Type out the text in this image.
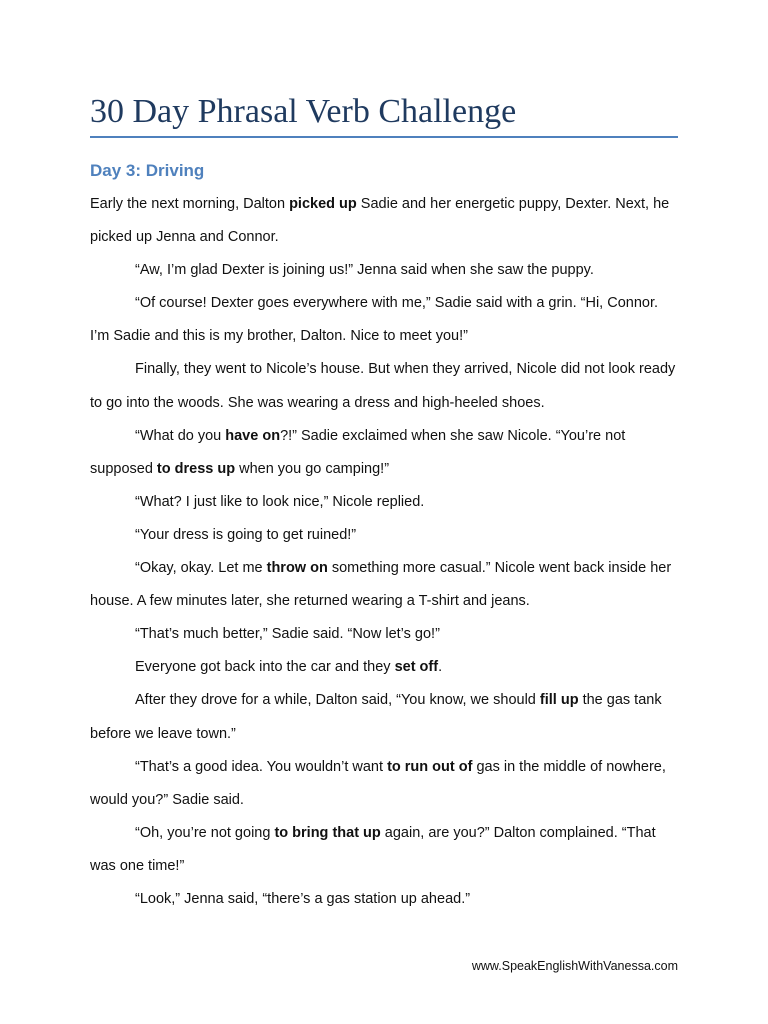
30 Day Phrasal Verb Challenge
Day 3: Driving

Early the next morning, Dalton picked up Sadie and her energetic puppy, Dexter. Next, he picked up Jenna and Connor.

“Aw, I’m glad Dexter is joining us!” Jenna said when she saw the puppy.

“Of course! Dexter goes everywhere with me,” Sadie said with a grin. “Hi, Connor. I’m Sadie and this is my brother, Dalton. Nice to meet you!”

Finally, they went to Nicole’s house. But when they arrived, Nicole did not look ready to go into the woods. She was wearing a dress and high-heeled shoes.

“What do you have on?!” Sadie exclaimed when she saw Nicole. “You’re not supposed to dress up when you go camping!”

“What? I just like to look nice,” Nicole replied.

“Your dress is going to get ruined!”

“Okay, okay. Let me throw on something more casual.” Nicole went back inside her house. A few minutes later, she returned wearing a T-shirt and jeans.

“That’s much better,” Sadie said. “Now let’s go!”

Everyone got back into the car and they set off.

After they drove for a while, Dalton said, “You know, we should fill up the gas tank before we leave town.”

“That’s a good idea. You wouldn’t want to run out of gas in the middle of nowhere, would you?” Sadie said.

“Oh, you’re not going to bring that up again, are you?” Dalton complained. “That was one time!”

“Look,” Jenna said, “there’s a gas station up ahead.”

www.SpeakEnglishWithVanessa.com
